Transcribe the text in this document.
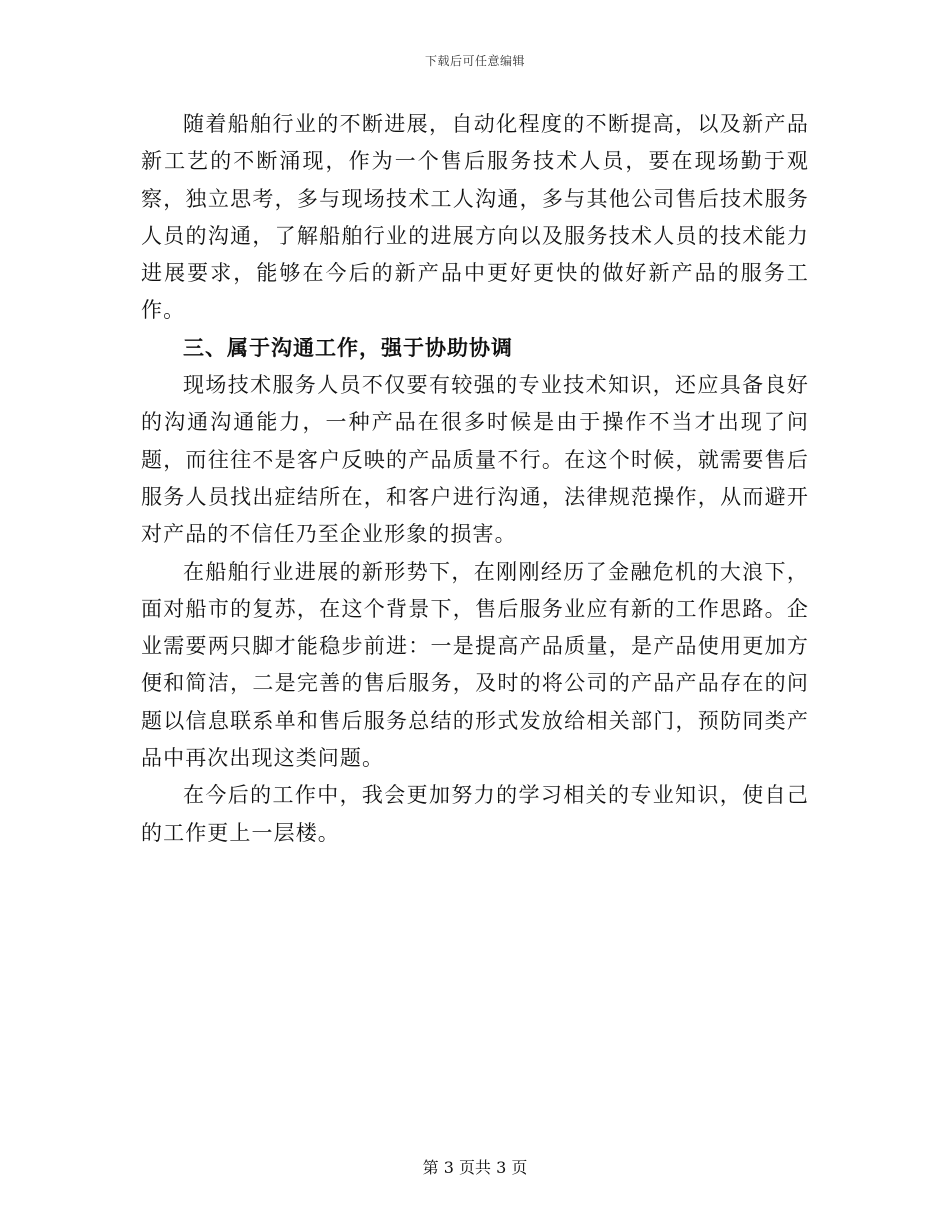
下载后可任意编辑

随着船舶行业的不断进展，自动化程度的不断提高，以及新产品新工艺的不断涌现，作为一个售后服务技术人员，要在现场勤于观察，独立思考，多与现场技术工人沟通，多与其他公司售后技术服务人员的沟通，了解船舶行业的进展方向以及服务技术人员的技术能力进展要求，能够在今后的新产品中更好更快的做好新产品的服务工作。

三、属于沟通工作，强于协助协调

现场技术服务人员不仅要有较强的专业技术知识，还应具备良好的沟通沟通能力，一种产品在很多时候是由于操作不当才出现了问题，而往往不是客户反映的产品质量不行。在这个时候，就需要售后服务人员找出症结所在，和客户进行沟通，法律规范操作，从而避开对产品的不信任乃至企业形象的损害。

在船舶行业进展的新形势下，在刚刚经历了金融危机的大浪下，面对船市的复苏，在这个背景下，售后服务业应有新的工作思路。企业需要两只脚才能稳步前进：一是提高产品质量，是产品使用更加方便和简洁，二是完善的售后服务，及时的将公司的产品产品存在的问题以信息联系单和售后服务总结的形式发放给相关部门，预防同类产品中再次出现这类问题。

在今后的工作中，我会更加努力的学习相关的专业知识，使自己的工作更上一层楼。

第 3 页共 3 页
